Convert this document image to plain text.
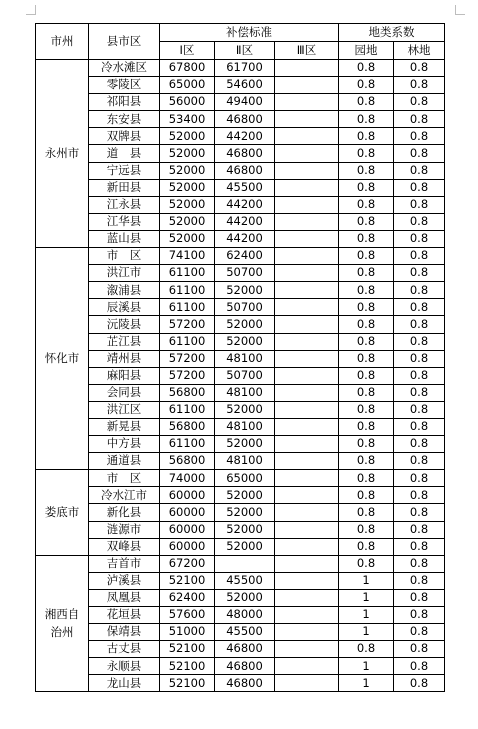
市州	县市区	补偿标准			地类系数	
		Ⅰ区	Ⅱ区	Ⅲ区	园地	林地
永州市	冷水滩区	67800	61700		0.8	0.8
	零陵区	65000	54600		0.8	0.8
	祁阳县	56000	49400		0.8	0.8
	东安县	53400	46800		0.8	0.8
	双牌县	52000	44200		0.8	0.8
	道　县	52000	46800		0.8	0.8
	宁远县	52000	46800		0.8	0.8
	新田县	52000	45500		0.8	0.8
	江永县	52000	44200		0.8	0.8
	江华县	52000	44200		0.8	0.8
	蓝山县	52000	44200		0.8	0.8
怀化市	市　区	74100	62400		0.8	0.8
	洪江市	61100	50700		0.8	0.8
	溆浦县	61100	52000		0.8	0.8
	辰溪县	61100	50700		0.8	0.8
	沅陵县	57200	52000		0.8	0.8
	芷江县	61100	52000		0.8	0.8
	靖州县	57200	48100		0.8	0.8
	麻阳县	57200	50700		0.8	0.8
	会同县	56800	48100		0.8	0.8
	洪江区	61100	52000		0.8	0.8
	新晃县	56800	48100		0.8	0.8
	中方县	61100	52000		0.8	0.8
	通道县	56800	48100		0.8	0.8
娄底市	市　区	74000	65000		0.8	0.8
	冷水江市	60000	52000		0.8	0.8
	新化县	60000	52000		0.8	0.8
	涟源市	60000	52000		0.8	0.8
	双峰县	60000	52000		0.8	0.8
湘西自治州	吉首市	67200			0.8	0.8
	泸溪县	52100	45500		1	0.8
	凤凰县	62400	52000		1	0.8
	花垣县	57600	48000		1	0.8
	保靖县	51000	45500		1	0.8
	古丈县	52100	46800		0.8	0.8
	永顺县	52100	46800		1	0.8
	龙山县	52100	46800		1	0.8
